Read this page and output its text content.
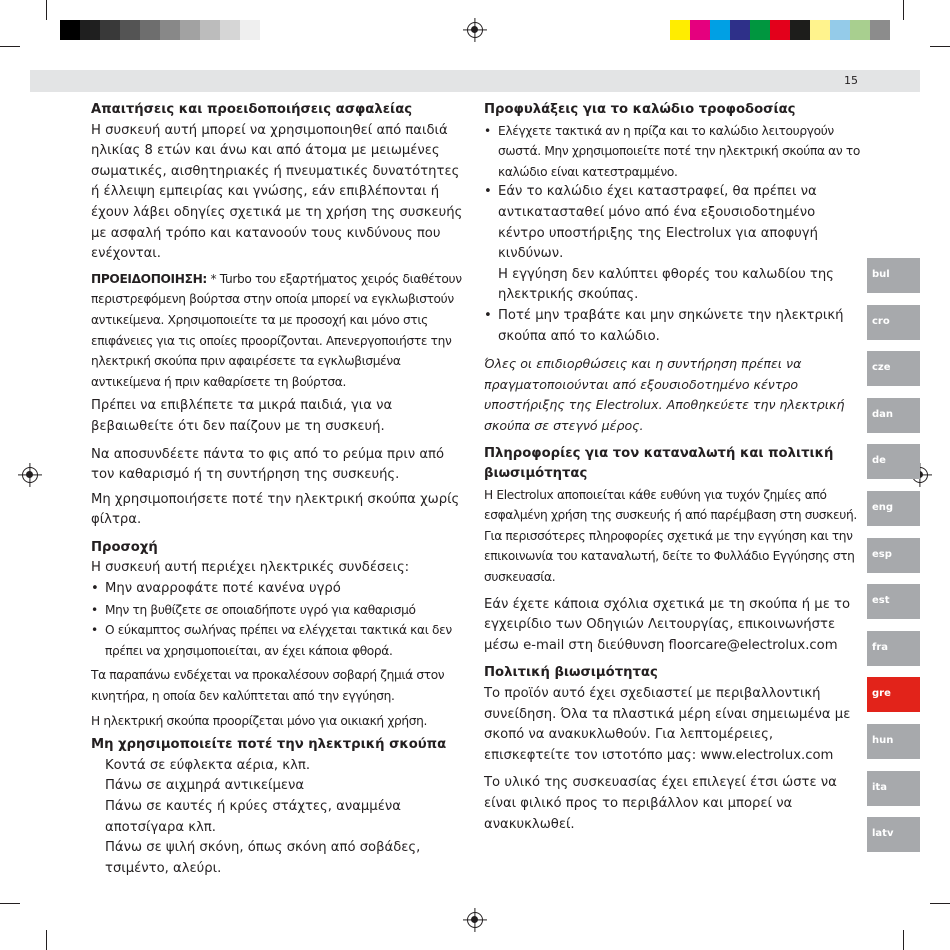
15
Απαιτήσεις και προειδοποιήσεις ασφαλείας

Η συσκευή αυτή μπορεί να χρησιμοποιηθεί από παιδιά ηλικίας 8 ετών και άνω και από άτομα με μειωμένες σωματικές, αισθητηριακές ή πνευματικές δυνατότητες ή έλλειψη εμπειρίας και γνώσης, εάν επιβλέπονται ή έχουν λάβει οδηγίες σχετικά με τη χρήση της συσκευής με ασφαλή τρόπο και κατανοούν τους κινδύνους που ενέχονται.

ΠΡΟΕΙΔΟΠΟΙΗΣΗ: * Turbo του εξαρτήματος χειρός διαθέτουν περιστρεφόμενη βούρτσα στην οποία μπορεί να εγκλωβιστούν αντικείμενα. Χρησιμοποιείτε τα με προσοχή και μόνο στις επιφάνειες για τις οποίες προορίζονται. Απενεργοποιήστε την ηλεκτρική σκούπα πριν αφαιρέσετε τα εγκλωβισμένα αντικείμενα ή πριν καθαρίσετε τη βούρτσα.

Πρέπει να επιβλέπετε τα μικρά παιδιά, για να βεβαιωθείτε ότι δεν παίζουν με τη συσκευή.

Να αποσυνδέετε πάντα το φις από το ρεύμα πριν από τον καθαρισμό ή τη συντήρηση της συσκευής.

Μη χρησιμοποιήσετε ποτέ την ηλεκτρική σκούπα χωρίς φίλτρα.

Προσοχή

Η συσκευή αυτή περιέχει ηλεκτρικές συνδέσεις:

• Μην αναρροφάτε ποτέ κανένα υγρό
• Μην τη βυθίζετε σε οποιαδήποτε υγρό για καθαρισμό
• Ο εύκαμπτος σωλήνας πρέπει να ελέγχεται τακτικά και δεν πρέπει να χρησιμοποιείται, αν έχει κάποια φθορά.

Τα παραπάνω ενδέχεται να προκαλέσουν σοβαρή ζημιά στον κινητήρα, η οποία δεν καλύπτεται από την εγγύηση.

Η ηλεκτρική σκούπα προορίζεται μόνο για οικιακή χρήση.

Μη χρησιμοποιείτε ποτέ την ηλεκτρική σκούπα

Κοντά σε εύφλεκτα αέρια, κλπ.

Πάνω σε αιχμηρά αντικείμενα

Πάνω σε καυτές ή κρύες στάχτες, αναμμένα αποτσίγαρα κλπ.

Πάνω σε ψιλή σκόνη, όπως σκόνη από σοβάδες, τσιμέντο, αλεύρι.

Προφυλάξεις για το καλώδιο τροφοδοσίας
• Ελέγχετε τακτικά αν η πρίζα και το καλώδιο λειτουργούν σωστά. Μην χρησιμοποιείτε ποτέ την ηλεκτρική σκούπα αν το καλώδιο είναι κατεστραμμένο.
• Εάν το καλώδιο έχει καταστραφεί, θα πρέπει να αντικατασταθεί μόνο από ένα εξουσιοδοτημένο κέντρο υποστήριξης της Electrolux για αποφυγή κινδύνων.
Η εγγύηση δεν καλύπτει φθορές του καλωδίου της ηλεκτρικής σκούπας.
• Ποτέ μην τραβάτε και μην σηκώνετε την ηλεκτρική σκούπα από το καλώδιο.

Όλες οι επιδιορθώσεις και η συντήρηση πρέπει να πραγματοποιούνται από εξουσιοδοτημένο κέντρο υποστήριξης της Electrolux. Αποθηκεύετε την ηλεκτρική σκούπα σε στεγνό μέρος.

Πληροφορίες για τον καταναλωτή και πολιτική βιωσιμότητας

Η Electrolux αποποιείται κάθε ευθύνη για τυχόν ζημίες από εσφαλμένη χρήση της συσκευής ή από παρέμβαση στη συσκευή. Για περισσότερες πληροφορίες σχετικά με την εγγύηση και την επικοινωνία του καταναλωτή, δείτε το Φυλλάδιο Εγγύησης στη συσκευασία.

Εάν έχετε κάποια σχόλια σχετικά με τη σκούπα ή με το εγχειρίδιο των Οδηγιών Λειτουργίας, επικοινωνήστε μέσω e-mail στη διεύθυνση floorcare@electrolux.com

Πολιτική βιωσιμότητας

Το προϊόν αυτό έχει σχεδιαστεί με περιβαλλοντική συνείδηση. Όλα τα πλαστικά μέρη είναι σημειωμένα με σκοπό να ανακυκλωθούν. Για λεπτομέρειες, επισκεφτείτε τον ιστοτόπο μας: www.electrolux.com

Το υλικό της συσκευασίας έχει επιλεγεί έτσι ώστε να είναι φιλικό προς το περιβάλλον και μπορεί να ανακυκλωθεί.

bul
cro
cze
dan
de
eng
esp
est
fra
gre
hun
ita
latv
